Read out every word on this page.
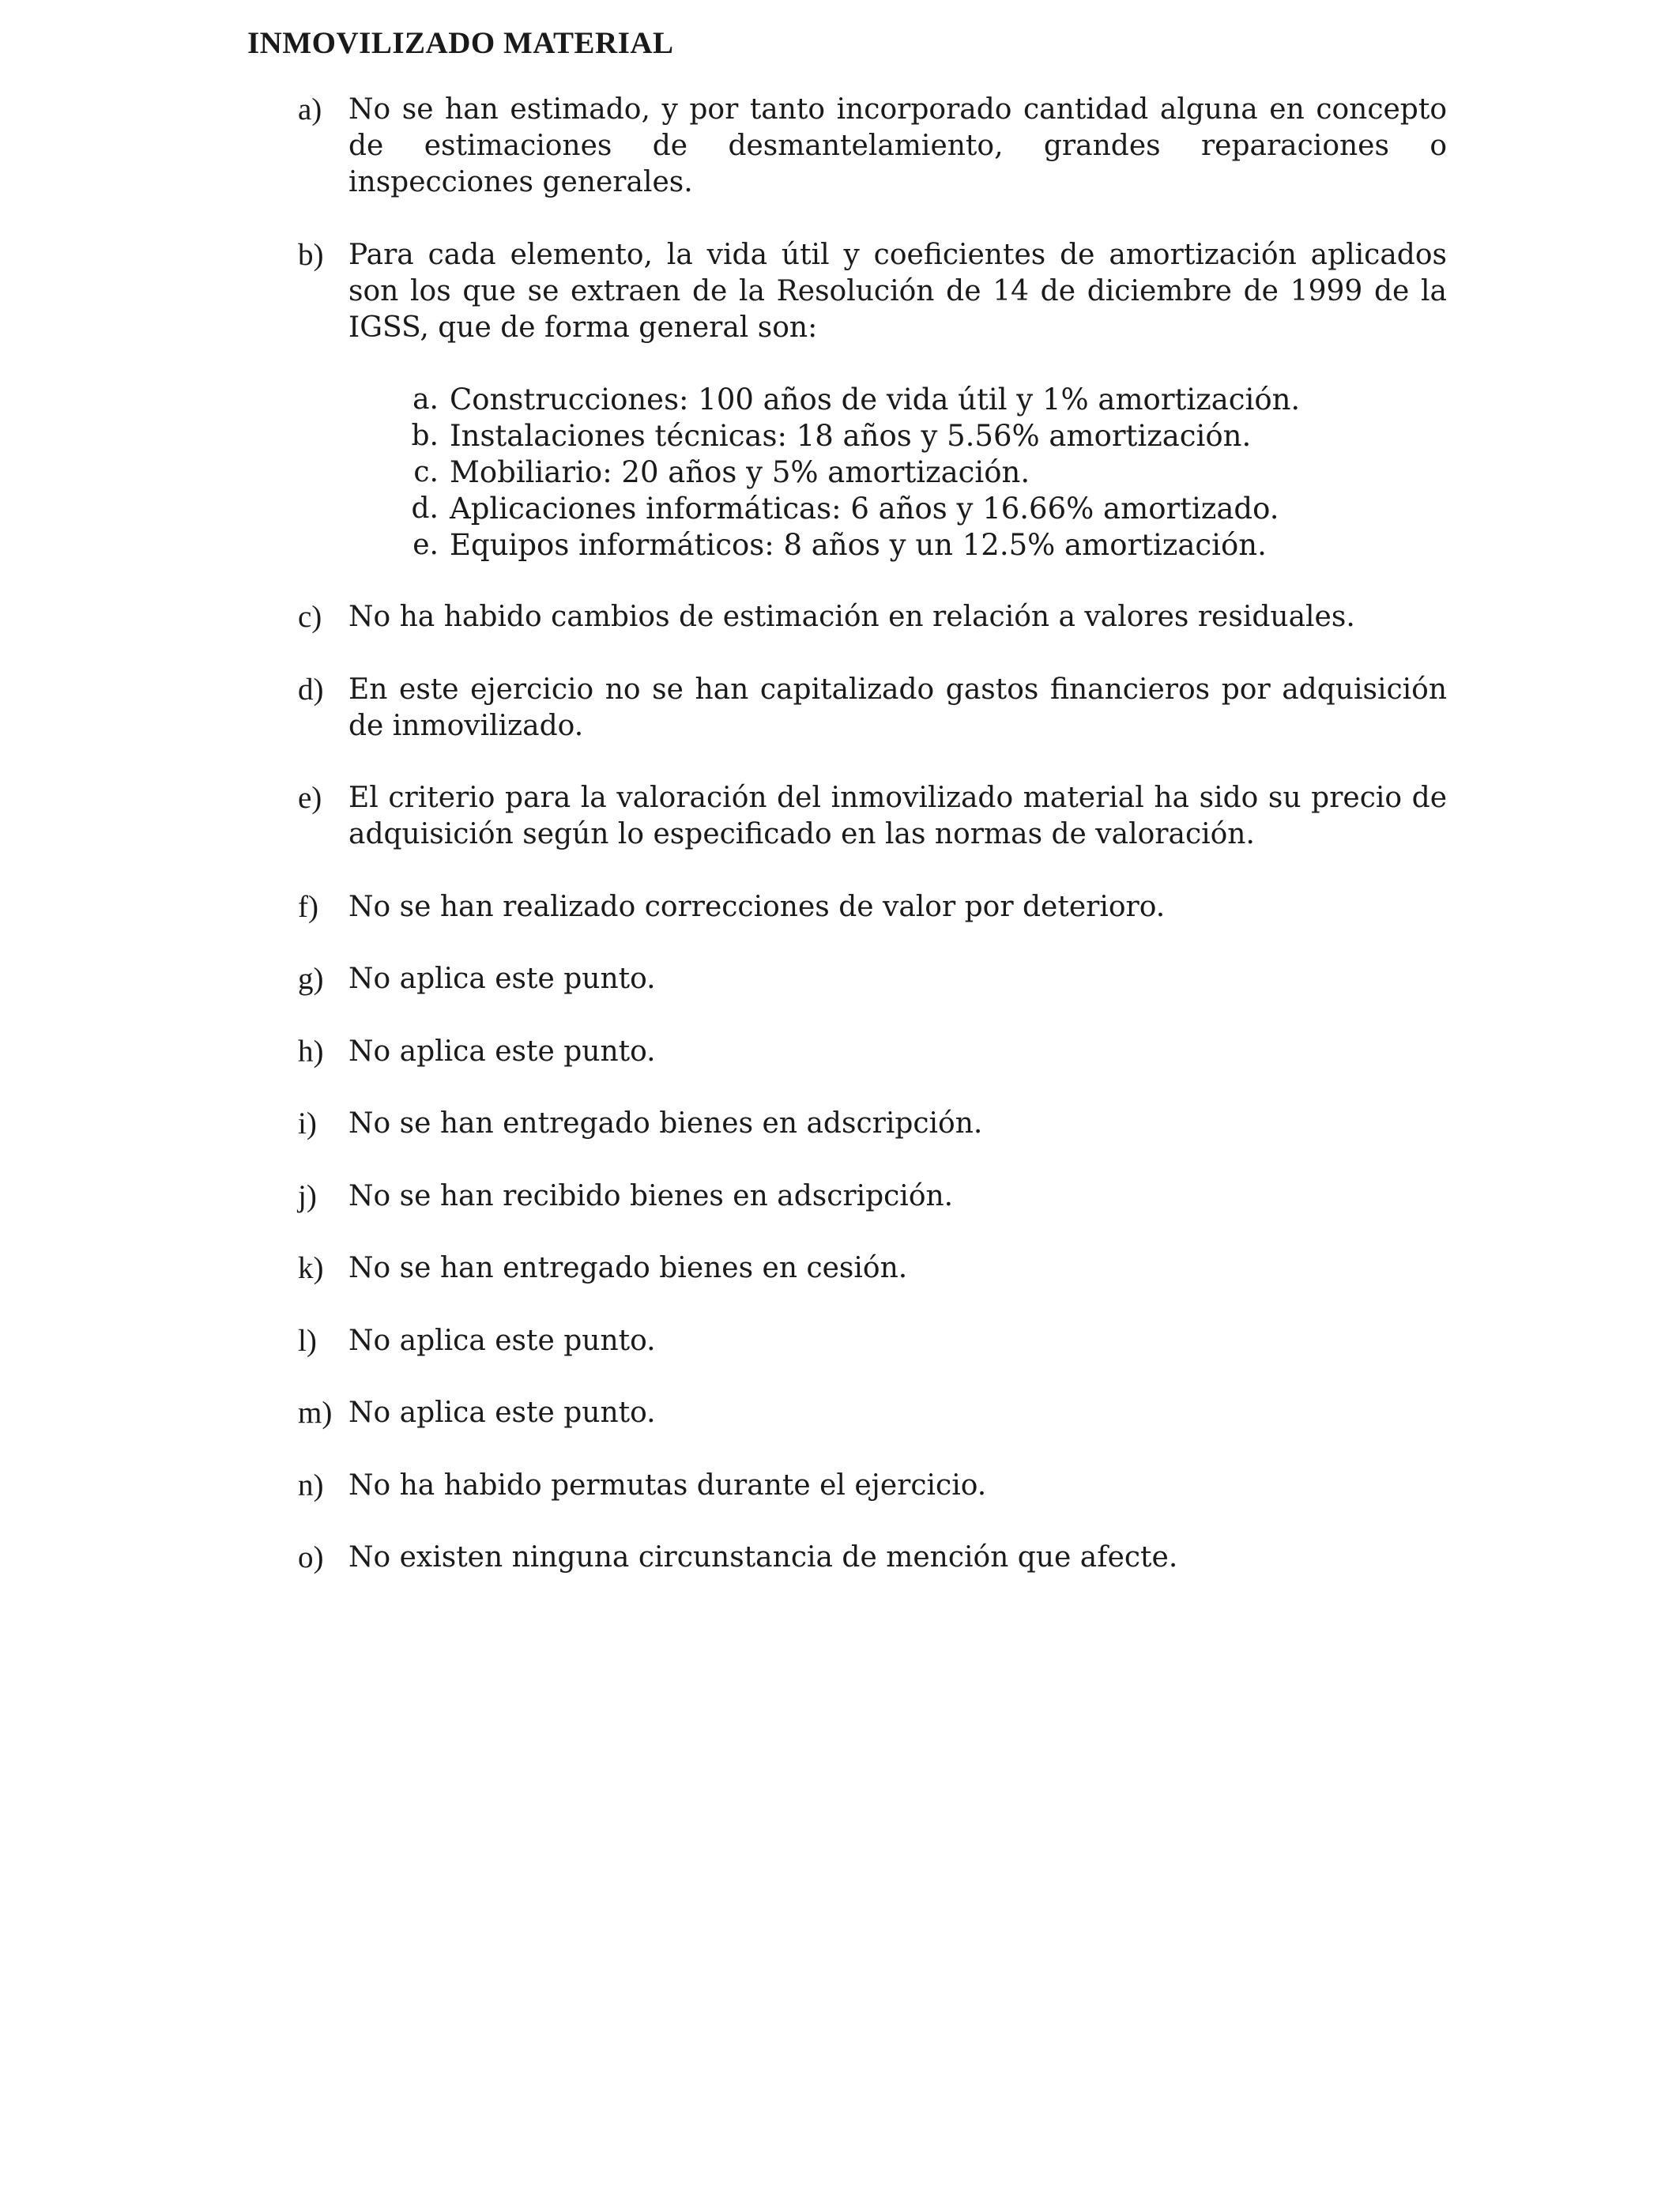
INMOVILIZADO MATERIAL
a) No se han estimado, y por tanto incorporado cantidad alguna en concepto de estimaciones de desmantelamiento, grandes reparaciones o inspecciones generales.
b) Para cada elemento, la vida útil y coeficientes de amortización aplicados son los que se extraen de la Resolución de 14 de diciembre de 1999 de la IGSS, que de forma general son:
a. Construcciones: 100 años de vida útil y 1% amortización.
b. Instalaciones técnicas: 18 años y 5.56% amortización.
c. Mobiliario: 20 años y 5% amortización.
d. Aplicaciones informáticas: 6 años y 16.66% amortizado.
e. Equipos informáticos: 8 años y un 12.5% amortización.
c) No ha habido cambios de estimación en relación a valores residuales.
d) En este ejercicio no se han capitalizado gastos financieros por adquisición de inmovilizado.
e) El criterio para la valoración del inmovilizado material ha sido su precio de adquisición según lo especificado en las normas de valoración.
f)	No se han realizado correcciones de valor por deterioro.
g) No aplica este punto.
h) No aplica este punto.
i)	No se han entregado bienes en adscripción.
j)	No se han recibido bienes en adscripción.
k) No se han entregado bienes en cesión.
l)	No aplica este punto.
m) No aplica este punto.
n) No ha habido permutas durante el ejercicio.
o) No existen ninguna circunstancia de mención que afecte.
